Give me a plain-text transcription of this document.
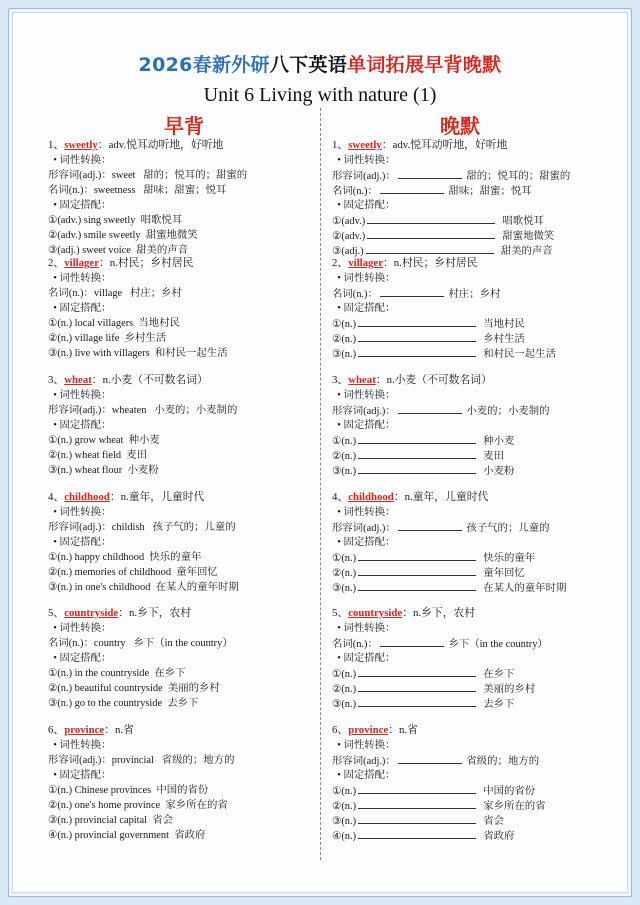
2026春新外研八下英语单词拓展早背晚默
Unit 6 Living with nature (1)
早背	晚默
1、sweetly：adv.悦耳动听地，好听地
• 词性转换：
形容词(adj.)：sweet 甜的；悦耳的；甜蜜的
名词(n.)：sweetness 甜味；甜蜜；悦耳
• 固定搭配：
①(adv.) sing sweetly 唱歌悦耳
②(adv.) smile sweetly 甜蜜地微笑
③(adj.) sweet voice 甜美的声音
2、villager：n.村民；乡村居民
• 词性转换：
名词(n.)：village 村庄；乡村
• 固定搭配：
①(n.) local villagers 当地村民
②(n.) village life 乡村生活
③(n.) live with villagers 和村民一起生活
3、wheat：n.小麦（不可数名词）
• 词性转换：
形容词(adj.)：wheaten 小麦的；小麦制的
• 固定搭配：
①(n.) grow wheat 种小麦
②(n.) wheat field 麦田
③(n.) wheat flour 小麦粉
4、childhood：n.童年，儿童时代
• 词性转换：
形容词(adj.)：childish 孩子气的；儿童的
• 固定搭配：
①(n.) happy childhood 快乐的童年
②(n.) memories of childhood 童年回忆
③(n.) in one's childhood 在某人的童年时期
5、countryside：n.乡下，农村
• 词性转换：
名词(n.)：country 乡下（in the country）
• 固定搭配：
①(n.) in the countryside 在乡下
②(n.) beautiful countryside 美丽的乡村
③(n.) go to the countryside 去乡下
6、province：n.省
• 词性转换：
形容词(adj.)：provincial 省级的；地方的
• 固定搭配：
①(n.) Chinese provinces 中国的省份
②(n.) one's home province 家乡所在的省
③(n.) provincial capital 省会
④(n.) provincial government 省政府
1、sweetly：adv.悦耳动听地，好听地
• 词性转换：
形容词(adj.)：	甜的；悦耳的；甜蜜的
名词(n.)：	甜味；甜蜜；悦耳
• 固定搭配：
①(adv.)	唱歌悦耳
②(adv.)	甜蜜地微笑
③(adj.)	甜美的声音
2、villager：n.村民；乡村居民
• 词性转换：
名词(n.)：	村庄；乡村
• 固定搭配：
①(n.)	当地村民
②(n.)	乡村生活
③(n.)	和村民一起生活
3、wheat：n.小麦（不可数名词）
• 词性转换：
形容词(adj.)：	小麦的；小麦制的
• 固定搭配：
①(n.)	种小麦
②(n.)	麦田
③(n.)	小麦粉
4、childhood：n.童年，儿童时代
• 词性转换：
形容词(adj.)：	孩子气的；儿童的
• 固定搭配：
①(n.)	快乐的童年
②(n.)	童年回忆
③(n.)	在某人的童年时期
5、countryside：n.乡下，农村
• 词性转换：
名词(n.)：	乡下（in the country）
• 固定搭配：
①(n.)	在乡下
②(n.)	美丽的乡村
③(n.)	去乡下
6、province：n.省
• 词性转换：
形容词(adj.)：	省级的；地方的
• 固定搭配：
①(n.)	中国的省份
②(n.)	家乡所在的省
③(n.)	省会
④(n.)	省政府
